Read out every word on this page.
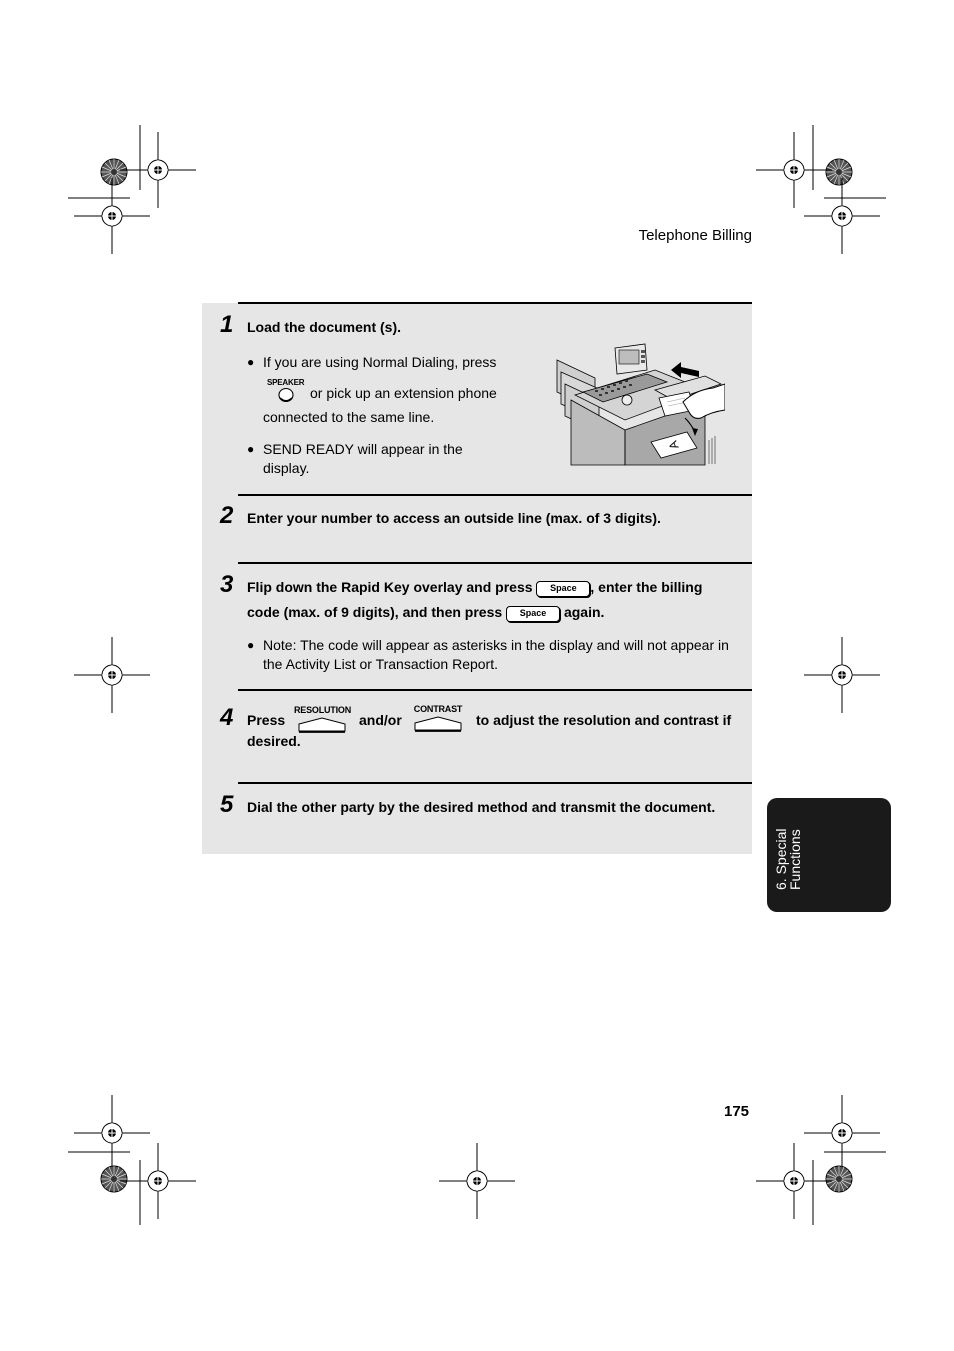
Telephone Billing
1 Load the document (s).
● If you are using Normal Dialing, press
SPEAKER
or pick up an extension phone
connected to the same line.
● SEND READY will appear in the
display.
A
2 Enter your number to access an outside line (max. of 3 digits).
3 Flip down the Rapid Key overlay and press Space , enter the billing
code (max. of 9 digits), and then press Space again.
● Note: The code will appear as asterisks in the display and will not appear in the Activity List or Transaction Report.
4 Press
RESOLUTION
and/or
CONTRAST
to adjust the resolution and contrast if
desired.
5 Dial the other party by the desired method and transmit the document.
6. Special
Functions
175
